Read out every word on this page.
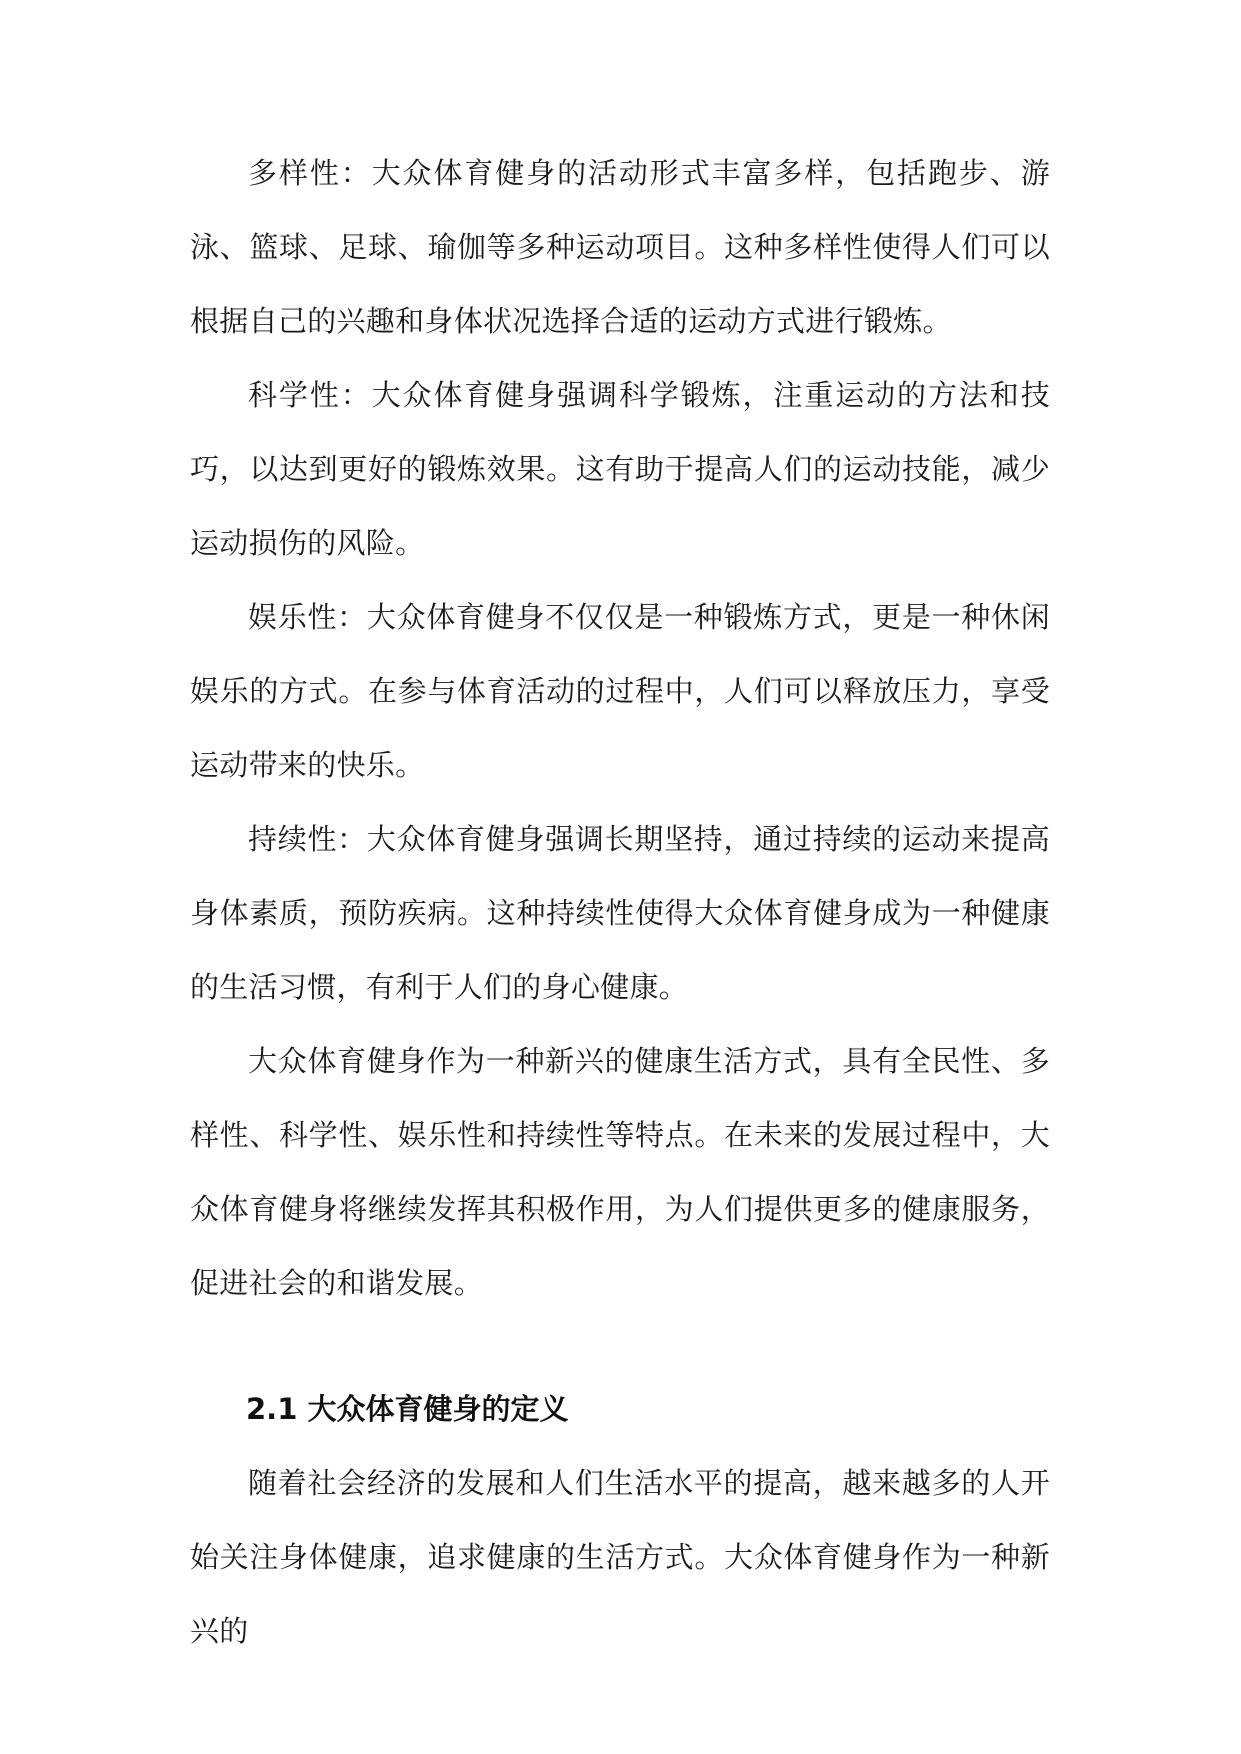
多样性：大众体育健身的活动形式丰富多样，包括跑步、游泳、篮球、足球、瑜伽等多种运动项目。这种多样性使得人们可以根据自己的兴趣和身体状况选择合适的运动方式进行锻炼。

科学性：大众体育健身强调科学锻炼，注重运动的方法和技巧，以达到更好的锻炼效果。这有助于提高人们的运动技能，减少运动损伤的风险。

娱乐性：大众体育健身不仅仅是一种锻炼方式，更是一种休闲娱乐的方式。在参与体育活动的过程中，人们可以释放压力，享受运动带来的快乐。

持续性：大众体育健身强调长期坚持，通过持续的运动来提高身体素质，预防疾病。这种持续性使得大众体育健身成为一种健康的生活习惯，有利于人们的身心健康。

大众体育健身作为一种新兴的健康生活方式，具有全民性、多样性、科学性、娱乐性和持续性等特点。在未来的发展过程中，大众体育健身将继续发挥其积极作用，为人们提供更多的健康服务，促进社会的和谐发展。

2.1 大众体育健身的定义

随着社会经济的发展和人们生活水平的提高，越来越多的人开始关注身体健康，追求健康的生活方式。大众体育健身作为一种新兴的
